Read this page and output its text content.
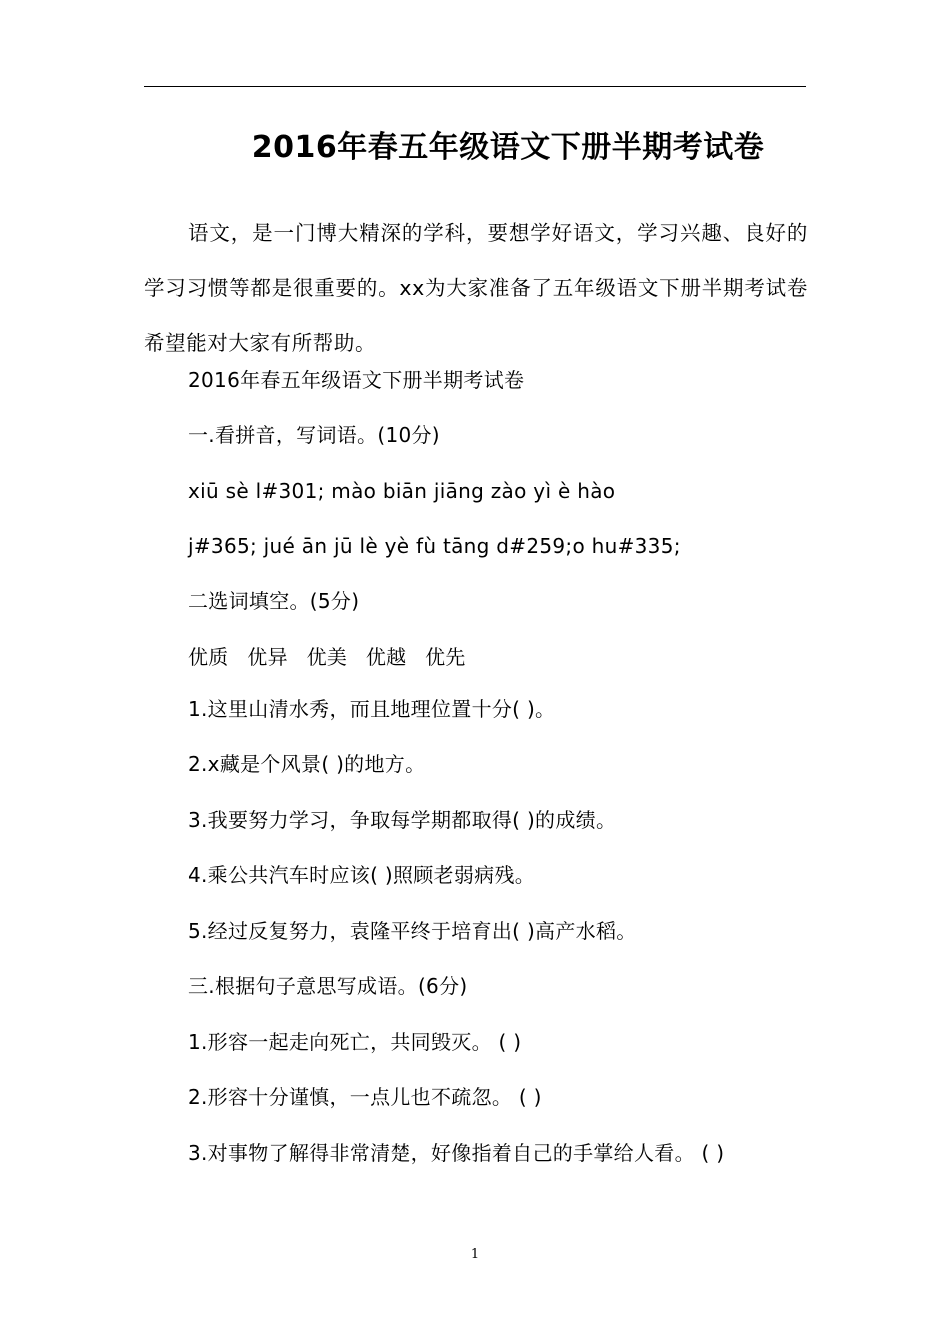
2016年春五年级语文下册半期考试卷

语文，是一门博大精深的学科，要想学好语文，学习兴趣、良好的学习习惯等都是很重要的。xx为大家准备了五年级语文下册半期考试卷希望能对大家有所帮助。

2016年春五年级语文下册半期考试卷
一.看拼音，写词语。(10分)
xiū sè l#301; mào biān jiāng zào yì è hào
j#365; jué ān jū lè yè fù tāng d#259;o hu#335;
二选词填空。(5分)
优质 优异 优美 优越 优先
1.这里山清水秀，而且地理位置十分( )。
2.x藏是个风景( )的地方。
3.我要努力学习，争取每学期都取得( )的成绩。
4.乘公共汽车时应该( )照顾老弱病残。
5.经过反复努力，袁隆平终于培育出( )高产水稻。
三.根据句子意思写成语。(6分)
1.形容一起走向死亡，共同毁灭。 ( )
2.形容十分谨慎，一点儿也不疏忽。 ( )
3.对事物了解得非常清楚，好像指着自己的手掌给人看。 ( )
1
